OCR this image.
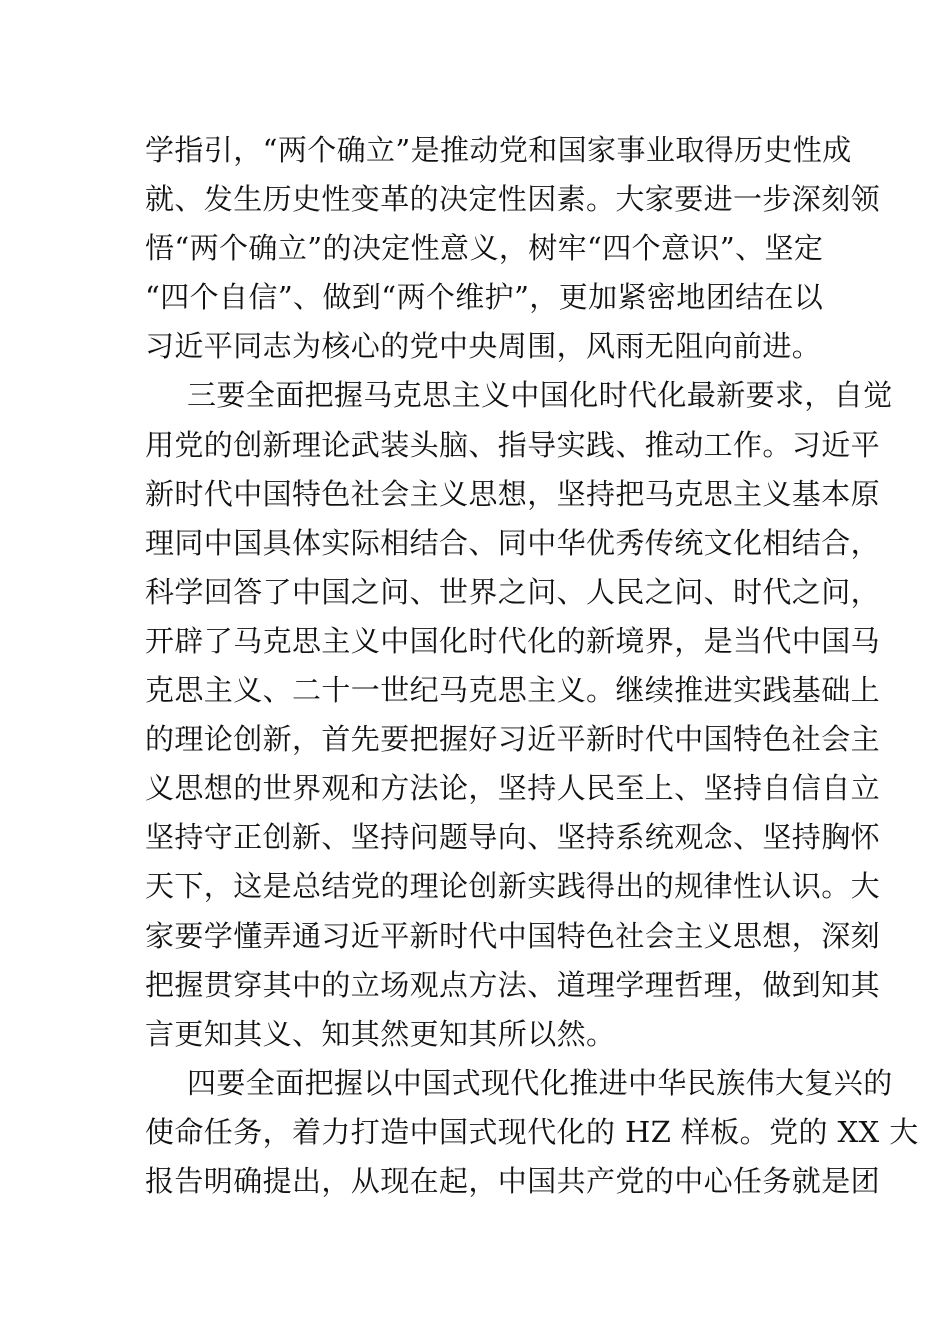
学指引，“两个确立”是推动党和国家事业取得历史性成
就、发生历史性变革的决定性因素。大家要进一步深刻领
悟“两个确立”的决定性意义，树牢“四个意识”、坚定
“四个自信”、做到“两个维护”，更加紧密地团结在以
习近平同志为核心的党中央周围，风雨无阻向前进。
三要全面把握马克思主义中国化时代化最新要求，自觉
用党的创新理论武装头脑、指导实践、推动工作。习近平
新时代中国特色社会主义思想，坚持把马克思主义基本原
理同中国具体实际相结合、同中华优秀传统文化相结合，
科学回答了中国之问、世界之问、人民之问、时代之问，
开辟了马克思主义中国化时代化的新境界，是当代中国马
克思主义、二十一世纪马克思主义。继续推进实践基础上
的理论创新，首先要把握好习近平新时代中国特色社会主
义思想的世界观和方法论，坚持人民至上、坚持自信自立
坚持守正创新、坚持问题导向、坚持系统观念、坚持胸怀
天下，这是总结党的理论创新实践得出的规律性认识。大
家要学懂弄通习近平新时代中国特色社会主义思想，深刻
把握贯穿其中的立场观点方法、道理学理哲理，做到知其
言更知其义、知其然更知其所以然。
四要全面把握以中国式现代化推进中华民族伟大复兴的
使命任务，着力打造中国式现代化的 HZ 样板。党的 XX 大
报告明确提出，从现在起，中国共产党的中心任务就是团
